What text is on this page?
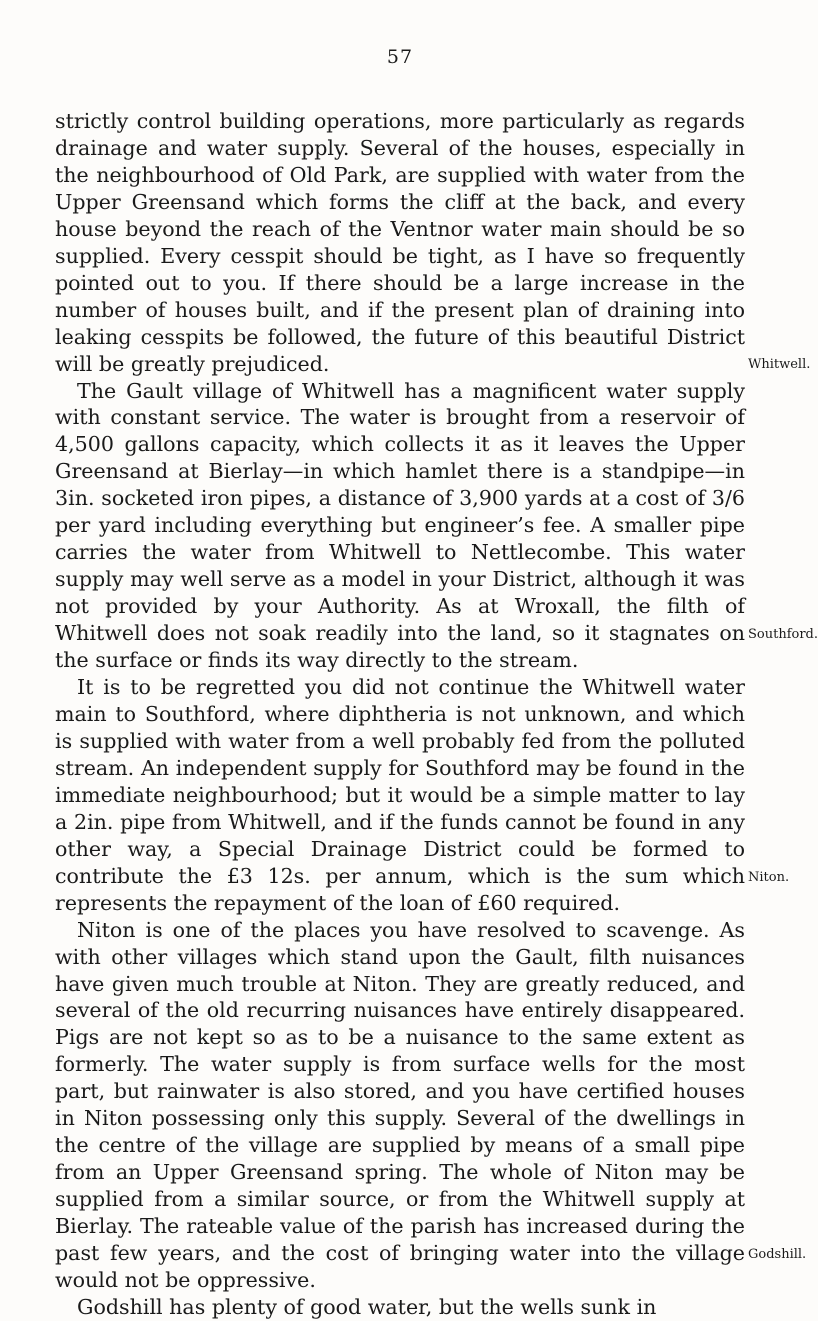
57

strictly control building operations, more particularly as regards drainage and water supply. Several of the houses, especially in the neighbourhood of Old Park, are supplied with water from the Upper Greensand which forms the cliff at the back, and every house beyond the reach of the Ventnor water main should be so supplied. Every cesspit should be tight, as I have so frequently pointed out to you. If there should be a large increase in the number of houses built, and if the present plan of draining into leaking cesspits be followed, the future of this beautiful District will be greatly prejudiced.

The Gault village of Whitwell has a magnificent water supply with constant service. The water is brought from a reservoir of 4,500 gallons capacity, which collects it as it leaves the Upper Greensand at Bierlay—in which hamlet there is a standpipe—in 3in. socketed iron pipes, a distance of 3,900 yards at a cost of 3/6 per yard including everything but engineer’s fee. A smaller pipe carries the water from Whitwell to Nettlecombe. This water supply may well serve as a model in your District, although it was not provided by your Authority. As at Wroxall, the filth of Whitwell does not soak readily into the land, so it stagnates on the surface or finds its way directly to the stream.

It is to be regretted you did not continue the Whitwell water main to Southford, where diphtheria is not unknown, and which is supplied with water from a well probably fed from the polluted stream. An independent supply for Southford may be found in the immediate neighbourhood; but it would be a simple matter to lay a 2in. pipe from Whitwell, and if the funds cannot be found in any other way, a Special Drainage District could be formed to contribute the £3 12s. per annum, which is the sum which represents the repayment of the loan of £60 required.

Niton is one of the places you have resolved to scavenge. As with other villages which stand upon the Gault, filth nuisances have given much trouble at Niton. They are greatly reduced, and several of the old recurring nuisances have entirely disappeared. Pigs are not kept so as to be a nuisance to the same extent as formerly. The water supply is from surface wells for the most part, but rainwater is also stored, and you have certified houses in Niton possessing only this supply. Several of the dwellings in the centre of the village are supplied by means of a small pipe from an Upper Greensand spring. The whole of Niton may be supplied from a similar source, or from the Whitwell supply at Bierlay. The rateable value of the parish has increased during the past few years, and the cost of bringing water into the village would not be oppressive.

Godshill has plenty of good water, but the wells sunk in

Whitwell.
Southford.
Niton.
Godshill.
